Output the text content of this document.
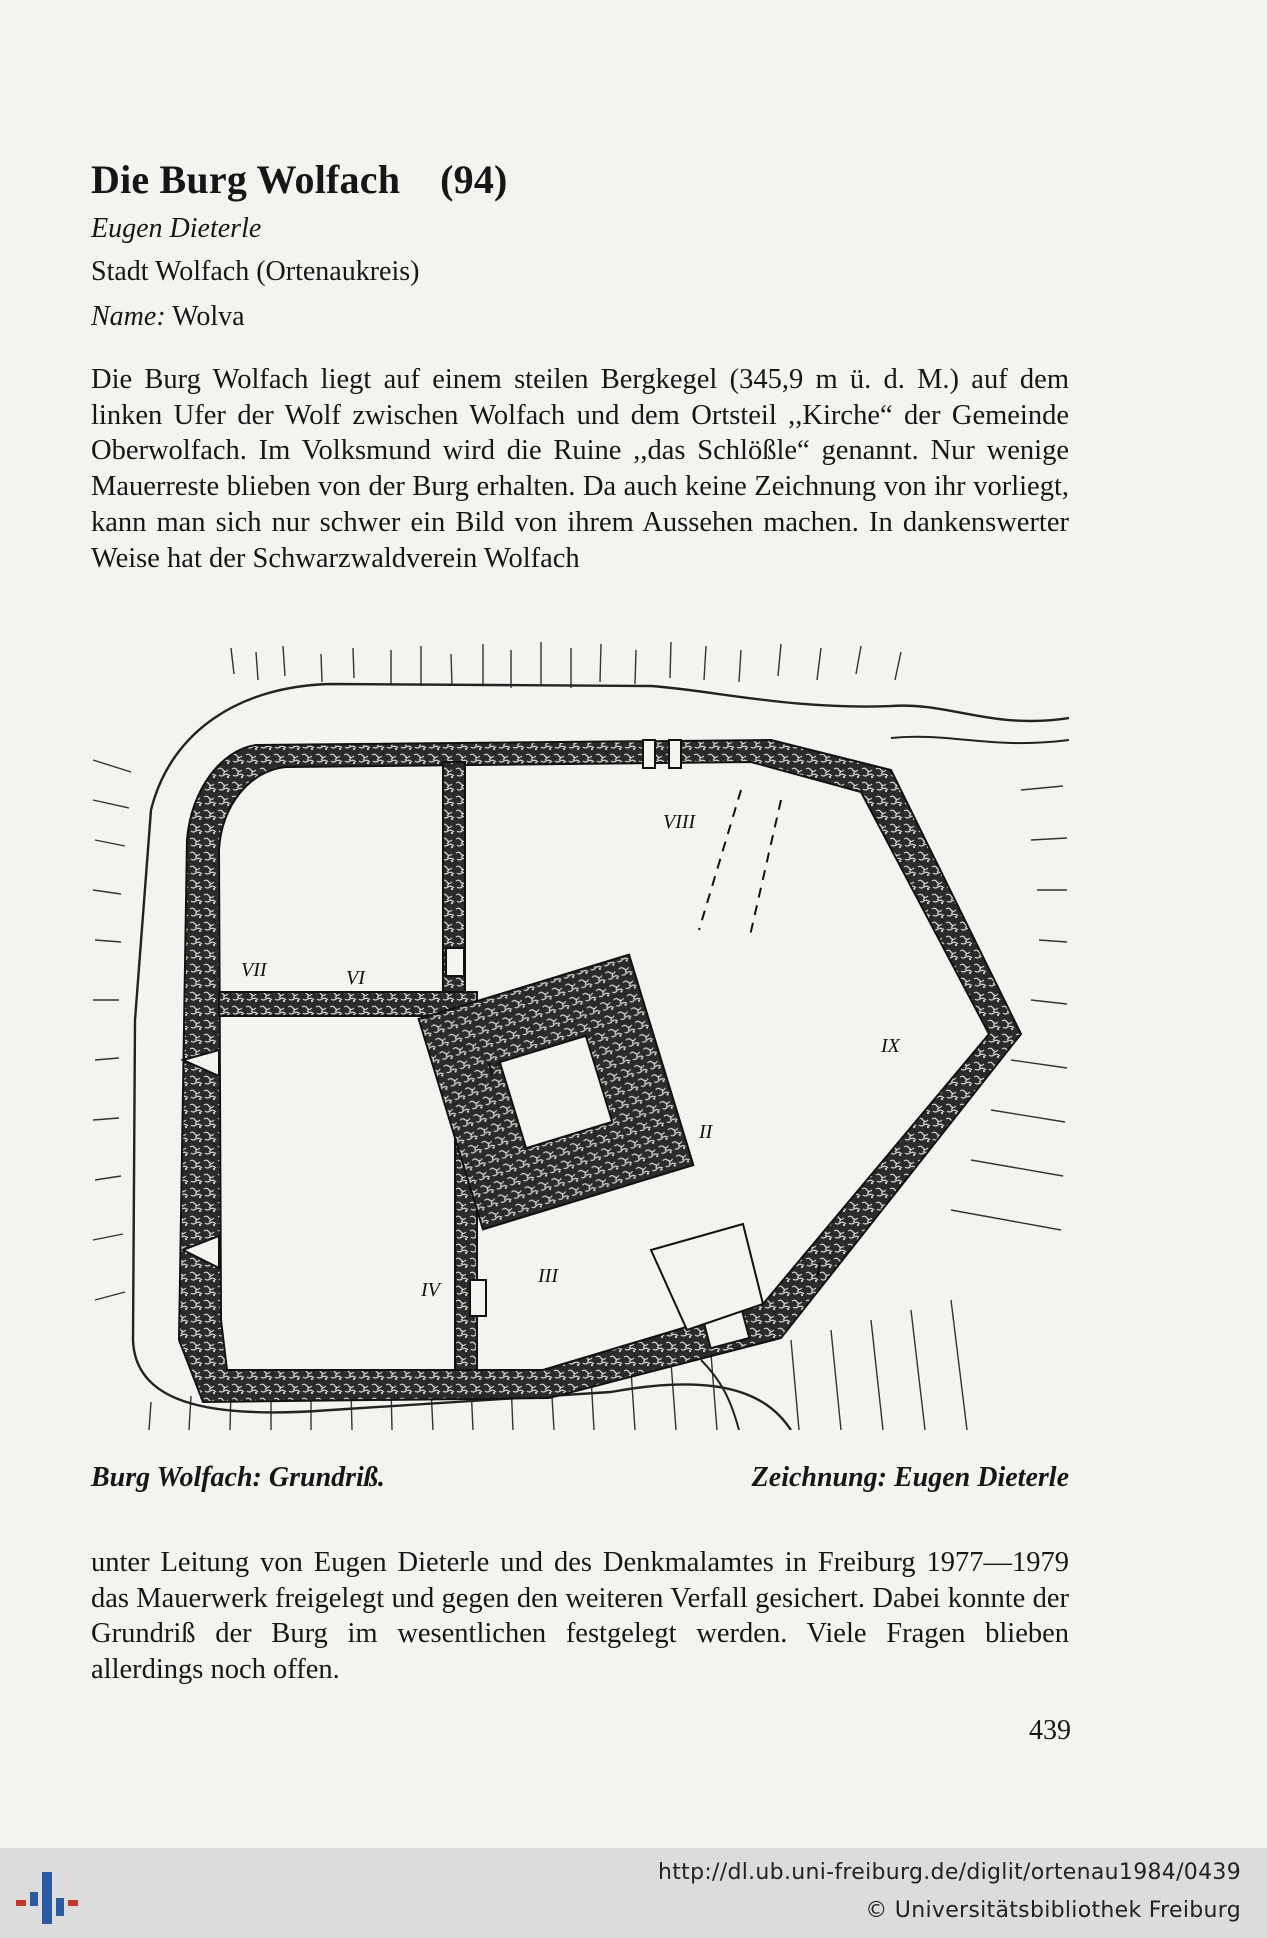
Die Burg Wolfach (94)

Eugen Dieterle

Stadt Wolfach (Ortenaukreis)

Name: Wolva

Die Burg Wolfach liegt auf einem steilen Bergkegel (345,9 m ü. d. M.) auf dem linken Ufer der Wolf zwischen Wolfach und dem Ortsteil ,,Kirche“ der Gemeinde Oberwolfach. Im Volksmund wird die Ruine ,,das Schlößle“ genannt. Nur wenige Mauerreste blieben von der Burg erhalten. Da auch keine Zeichnung von ihr vorliegt, kann man sich nur schwer ein Bild von ihrem Aussehen machen. In dankenswerter Weise hat der Schwarzwaldverein Wolfach

VII	VI
VIII
IX
V
II
III
IV
I

Burg Wolfach: Grundriß.	Zeichnung: Eugen Dieterle

unter Leitung von Eugen Dieterle und des Denkmalamtes in Freiburg 1977—1979 das Mauerwerk freigelegt und gegen den weiteren Verfall gesichert. Dabei konnte der Grundriß der Burg im wesentlichen festgelegt werden. Viele Fragen blieben allerdings noch offen.

439

http://dl.ub.uni-freiburg.de/diglit/ortenau1984/0439
© Universitätsbibliothek Freiburg
